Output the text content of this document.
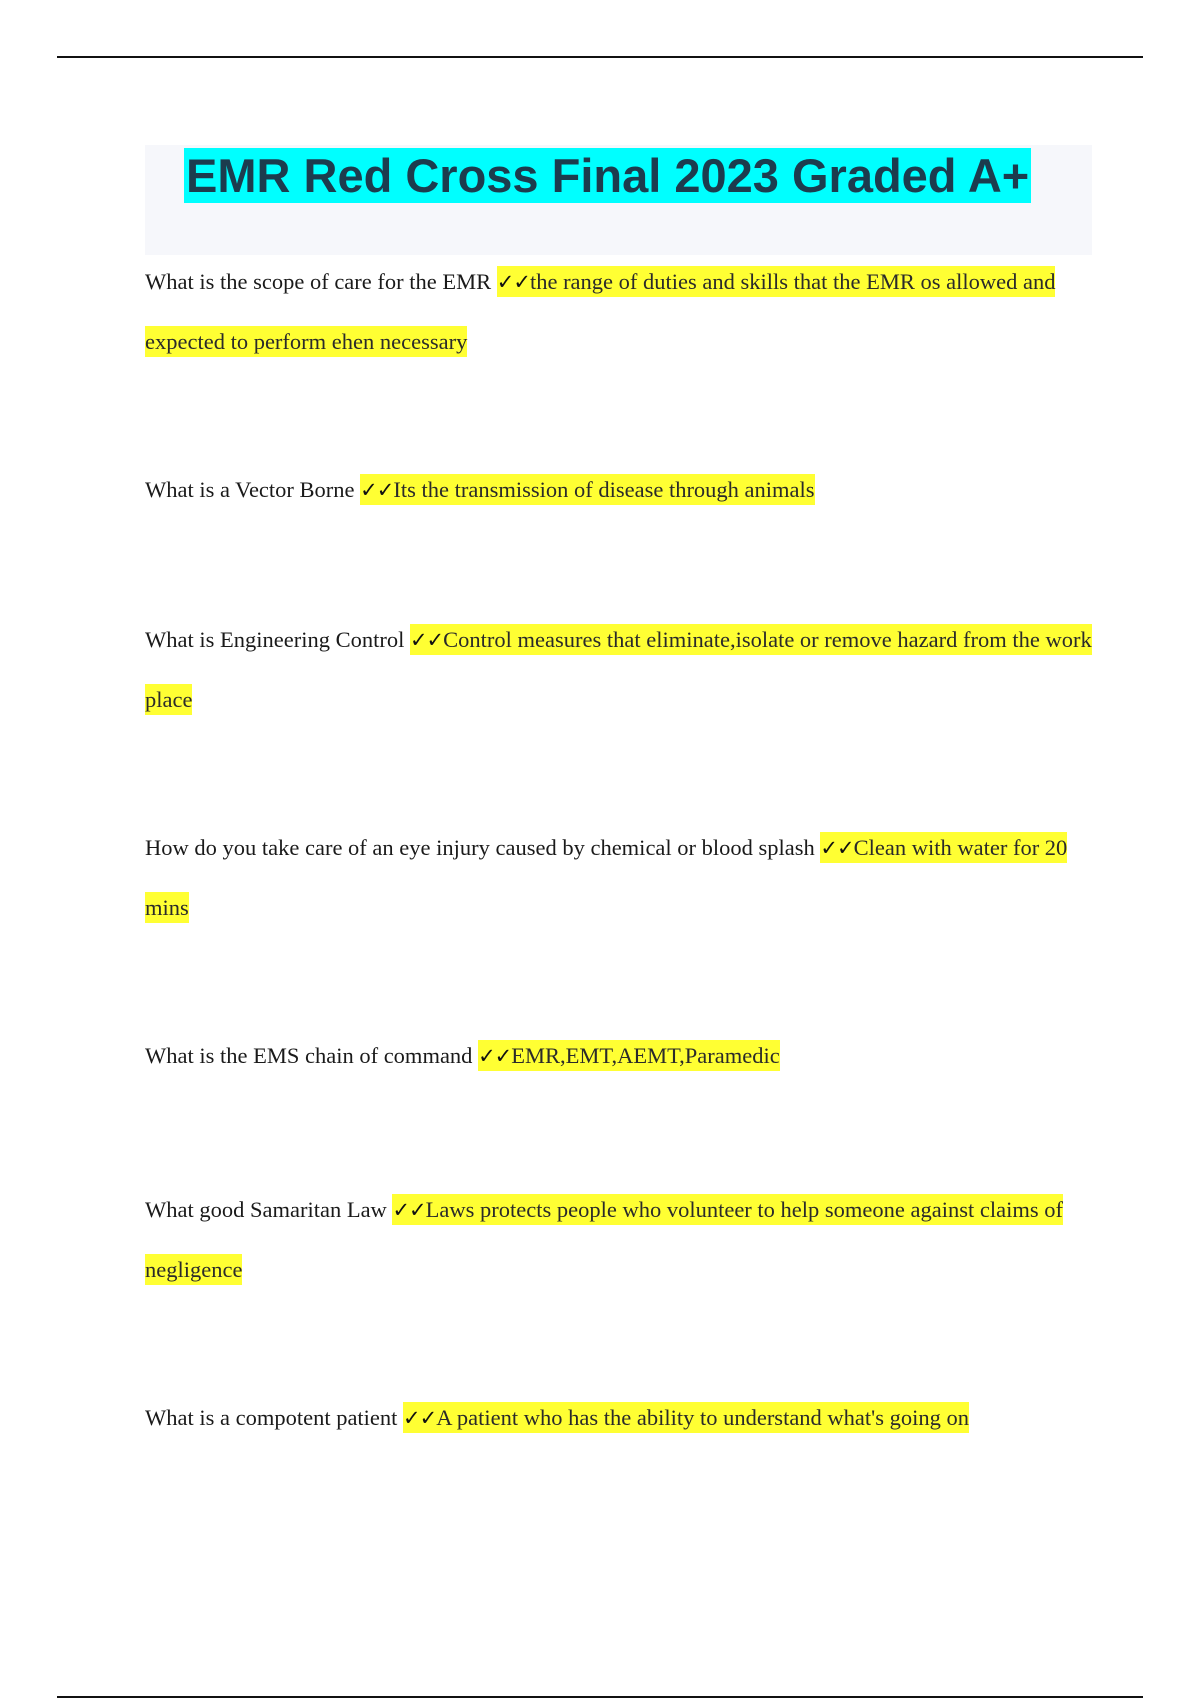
EMR Red Cross Final 2023 Graded A+
What is the scope of care for the EMR ✓✓the range of duties and skills that the EMR os allowed and expected to perform ehen necessary
What is a Vector Borne ✓✓Its the transmission of disease through animals
What is Engineering Control ✓✓Control measures that eliminate,isolate or remove hazard from the work place
How do you take care of an eye injury caused by chemical or blood splash ✓✓Clean with water for 20 mins
What is the EMS chain of command ✓✓EMR,EMT,AEMT,Paramedic
What good Samaritan Law ✓✓Laws protects people who volunteer to help someone against claims of negligence
What is a compotent patient ✓✓A patient who has the ability to understand what's going on
